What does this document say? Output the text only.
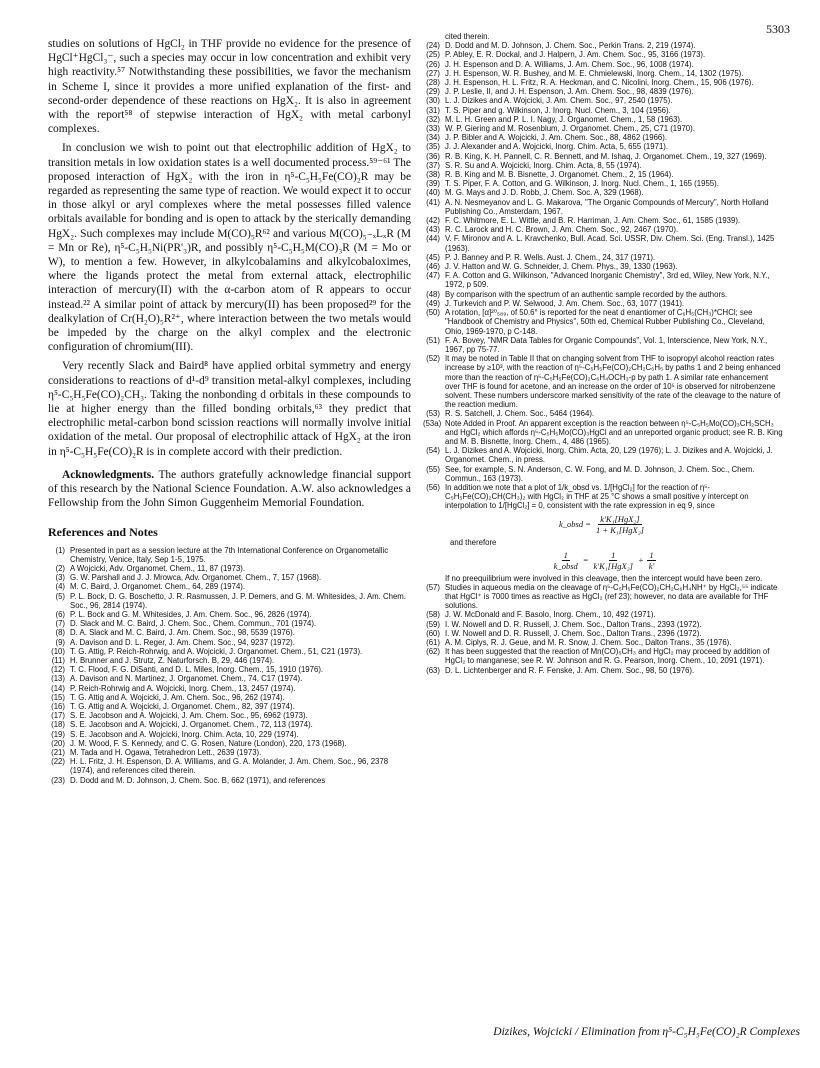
5303

studies on solutions of HgCl₂ in THF provide no evidence for the presence of HgCl⁺HgCl₃⁻, such a species may occur in low concentration and exhibit very high reactivity.⁵⁷ Notwithstanding these possibilities, we favor the mechanism in Scheme I, since it provides a more unified explanation of the first- and second-order dependence of these reactions on HgX₂. It is also in agreement with the report⁵⁸ of stepwise interaction of HgX₂ with metal carbonyl complexes.

In conclusion we wish to point out that electrophilic addition of HgX₂ to transition metals in low oxidation states is a well documented process.⁵⁹⁻⁶¹ The proposed interaction of HgX₂ with the iron in η⁵-C₅H₅Fe(CO)₂R may be regarded as representing the same type of reaction. We would expect it to occur in those alkyl or aryl complexes where the metal possesses filled valence orbitals available for bonding and is open to attack by the sterically demanding HgX₂. Such complexes may include M(CO)₅R⁶² and various M(CO)₅₋ₓLₓR (M = Mn or Re), η⁵-C₅H₅Ni(PR'₃)R, and possibly η⁵-C₅H₅M(CO)₃R (M = Mo or W), to mention a few. However, in alkylcobalamins and alkylcobaloximes, where the ligands protect the metal from external attack, electrophilic interaction of mercury(II) with the α-carbon atom of R appears to occur instead.²² A similar point of attack by mercury(II) has been proposed²⁹ for the dealkylation of Cr(H₂O)₅R²⁺, where interaction between the two metals would be impeded by the charge on the alkyl complex and the electronic configuration of chromium(III).

Very recently Slack and Baird⁸ have applied orbital symmetry and energy considerations to reactions of d¹-d⁹ transition metal-alkyl complexes, including η⁵-C₅H₅Fe(CO)₂CH₃. Taking the nonbonding d orbitals in these compounds to lie at higher energy than the filled bonding orbitals,⁶³ they predict that electrophilic metal-carbon bond scission reactions will normally involve initial oxidation of the metal. Our proposal of electrophilic attack of HgX₂ at the iron in η⁵-C₅H₅Fe(CO)₂R is in complete accord with their prediction.

Acknowledgments. The authors gratefully acknowledge financial support of this research by the National Science Foundation. A.W. also acknowledges a Fellowship from the John Simon Guggenheim Memorial Foundation.

References and Notes
(1) Presented in part as a session lecture at the 7th International Conference on Organometallic Chemistry, Venice, Italy, Sep 1-5, 1975.
(2) A Wojcicki, Adv. Organomet. Chem., 11, 87 (1973).
(3) G. W. Parshall and J. J. Mrowca, Adv. Organomet. Chem., 7, 157 (1968).
(4) M. C. Baird, J. Organomet. Chem., 64, 289 (1974).
(5) P. L. Bock, D. G. Boschetto, J. R. Rasmussen, J. P. Demers, and G. M. Whitesides, J. Am. Chem. Soc., 96, 2814 (1974).
(6) P. L. Bock and G. M. Whitesides, J. Am. Chem. Soc., 96, 2826 (1974).
(7) D. Slack and M. C. Baird, J. Chem. Soc., Chem. Commun., 701 (1974).
(8) D. A. Slack and M. C. Baird, J. Am. Chem. Soc., 98, 5539 (1976).
(9) A. Davison and D. L. Reger, J. Am. Chem. Soc., 94, 9237 (1972).
(10) T. G. Attig, P. Reich-Rohrwig, and A. Wojcicki, J. Organomet. Chem., 51, C21 (1973).
(11) H. Brunner and J. Strutz, Z. Naturforsch. B, 29, 446 (1974).
(12) T. C. Flood, F. G. DiSanti, and D. L. Miles, Inorg. Chem., 15, 1910 (1976).
(13) A. Davison and N. Martinez, J. Organomet. Chem., 74, C17 (1974).
(14) P. Reich-Rohrwig and A. Wojcicki, Inorg. Chem., 13, 2457 (1974).
(15) T. G. Attig and A. Wojcicki, J. Am. Chem. Soc., 96, 262 (1974).
(16) T. G. Attig and A. Wojcicki, J. Organomet. Chem., 82, 397 (1974).
(17) S. E. Jacobson and A. Wojcicki, J. Am. Chem. Soc., 95, 6962 (1973).
(18) S. E. Jacobson and A. Wojcicki, J. Organomet. Chem., 72, 113 (1974).
(19) S. E. Jacobson and A. Wojcicki, Inorg. Chim. Acta, 10, 229 (1974).
(20) J. M. Wood, F. S. Kennedy, and C. G. Rosen, Nature (London), 220, 173 (1968).
(21) M. Tada and H. Ogawa, Tetrahedron Lett., 2639 (1973).
(22) H. L. Fritz, J. H. Espenson, D. A. Williams, and G. A. Molander, J. Am. Chem. Soc., 96, 2378 (1974), and references cited therein.
(23) D. Dodd and M. D. Johnson, J. Chem. Soc. B, 662 (1971), and references
cited therein.
(24) D. Dodd and M. D. Johnson, J. Chem. Soc., Perkin Trans. 2, 219 (1974).
(25) P. Abley, E. R. Dockal, and J. Halpern, J. Am. Chem. Soc., 95, 3166 (1973).
(26) J. H. Espenson and D. A. Williams, J. Am. Chem. Soc., 96, 1008 (1974).
(27) J. H. Espenson, W. R. Bushey, and M. E. Chmielewski, Inorg. Chem., 14, 1302 (1975).
(28) J. H. Espenson, H. L. Fritz, R. A. Heckman, and C. Nicolini, Inorg. Chem., 15, 906 (1976).
(29) J. P. Leslie, II, and J. H. Espenson, J. Am. Chem. Soc., 98, 4839 (1976).
(30) L. J. Dizikes and A. Wojcicki, J. Am. Chem. Soc., 97, 2540 (1975).
(31) T. S. Piper and g. Wilkinson, J. Inorg. Nucl. Chem., 3, 104 (1956).
(32) M. L. H. Green and P. L. I. Nagy, J. Organomet. Chem., 1, 58 (1963).
(33) W. P. Giering and M. Rosenblum, J. Organomet. Chem., 25, C71 (1970).
(34) J. P. Bibler and A. Wojcicki, J. Am. Chem. Soc., 88, 4862 (1966).
(35) J. J. Alexander and A. Wojcicki, Inorg. Chim. Acta, 5, 655 (1971).
(36) R. B. King, K. H. Pannell, C. R. Bennett, and M. Ishaq, J. Organomet. Chem., 19, 327 (1969).
(37) S. R. Su and A. Wojcicki, Inorg. Chim. Acta, 8, 55 (1974).
(38) R. B. King and M. B. Bisnette, J. Organomet. Chem., 2, 15 (1964).
(39) T. S. Piper, F. A. Cotton, and G. Wilkinson, J. Inorg. Nucl. Chem., 1, 165 (1955).
(40) M. G. Mays and J. D. Robb, J. Chem. Soc. A, 329 (1968).
(41) A. N. Nesmeyanov and L. G. Makarova, "The Organic Compounds of Mercury", North Holland Publishing Co., Amsterdam, 1967.
(42) F. C. Whitmore, E. L. Wittle, and B. R. Harriman, J. Am. Chem. Soc., 61, 1585 (1939).
(43) R. C. Larock and H. C. Brown, J. Am. Chem. Soc., 92, 2467 (1970).
(44) V. F. Mironov and A. L. Kravchenko, Bull. Acad. Sci. USSR, Div. Chem. Sci. (Eng. Transl.), 1425 (1963).
(45) P. J. Banney and P. R. Wells. Aust. J. Chem., 24, 317 (1971).
(46) J. V. Hatton and W. G. Schneider, J. Chem. Phys., 39, 1330 (1963).
(47) F. A. Cotton and G. Wilkinson, "Advanced Inorganic Chemistry", 3rd ed, Wiley, New York, N.Y., 1972, p 509.
(48) By comparison with the spectrum of an authentic sample recorded by the authors.
(49) J. Turkevich and P. W. Selwood, J. Am. Chem. Soc., 63, 1077 (1941).
(50) A rotation, [α]²⁰₅₈₉, of 50.6° is reported for the neat d enantiomer of C₆H₅(CH₃)*CHCl; see "Handbook of Chemistry and Physics", 50th ed, Chemical Rubber Publishing Co., Cleveland, Ohio, 1969-1970, p C-148.
(51) F. A. Bovey, "NMR Data Tables for Organic Compounds", Vol. 1, Interscience, New York, N.Y., 1967, pp 75-77.
(52) It may be noted in Table II that on changing solvent from THF to isopropyl alcohol reaction rates increase by ≥10³, with the reaction of η⁵-C₅H₅Fe(CO)₂CH₂C₆H₅ by paths 1 and 2 being enhanced more than the reaction of η⁵-C₅H₅Fe(CO)₂C₆H₄OCH₃-p by path 1. A similar rate enhancement over THF is found for acetone, and an increase on the order of 10⁵ is observed for nitrobenzene solvent. These numbers underscore marked sensitivity of the rate of the cleavage to the nature of the reaction medium.
(53) R. S. Satchell, J. Chem. Soc., 5464 (1964).
(53a) Note Added in Proof. An apparent exception is the reaction between η⁵-C₅H₅Mo(CO)₃CH₂SCH₃ and HgCl₂ which affords η⁵-C₅H₅Mo(CO)₃HgCl and an unreported organic product; see R. B. King and M. B. Bisnette, Inorg. Chem., 4, 486 (1965).
(54) L. J. Dizikes and A. Wojcicki, Inorg. Chim. Acta, 20, L29 (1976); L. J. Dizikes and A. Wojcicki, J. Organomet. Chem., in press.
(55) See, for example, S. N. Anderson, C. W. Fong, and M. D. Johnson, J. Chem. Soc., Chem. Commun., 163 (1973).
(56) In addition we note that a plot of 1/k_obsd vs. 1/[HgCl₂] for the reaction of η⁵-C₅H₅Fe(CO)₂CH(CH₃)₂ with HgCl₂ in THF at 25 °C shows a small positive y intercept on interpolation to 1/[HgCl₂] = 0, consistent with the rate expression in eq 9, since
k_obsd = $\frac{\text{k′K₁[HgX₂]}}{\text{1 + K₁[HgX₂]}}$
and therefore
$\frac{1}{\text{k\_obsd}} = \frac{1}{\text{k′K₁[HgX₂]}} + \frac{1}{k'}$
If no preequilibrium were involved in this cleavage, then the intercept would have been zero.
(57) Studies in aqueous media on the cleavage of η⁵-C₅H₅Fe(CO)₂CH₂C₆H₄NH⁺ by HgCl₂,⁵⁵ indicate that HgCl⁺ is 7000 times as reactive as HgCl₂ (ref 23); however, no data are available for THF solutions.
(58) J. W. McDonald and F. Basolo, Inorg. Chem., 10, 492 (1971).
(59) I. W. Nowell and D. R. Russell, J. Chem. Soc., Dalton Trans., 2393 (1972).
(60) I. W. Nowell and D. R. Russell, J. Chem. Soc., Dalton Trans., 2396 (1972).
(61) A. M. Ciplys, R. J. Geue, and M. R. Snow, J. Chem. Soc., Dalton Trans., 35 (1976).
(62) It has been suggested that the reaction of Mn(CO)₅CH₃ and HgCl₂ may proceed by addition of HgCl₂ to manganese; see R. W. Johnson and R. G. Pearson, Inorg. Chem., 10, 2091 (1971).
(63) D. L. Lichtenberger and R. F. Fenske, J. Am. Chem. Soc., 98, 50 (1976).
Dizikes, Wojcicki / Elimination from η⁵-C₅H₅Fe(CO)₂R Complexes
